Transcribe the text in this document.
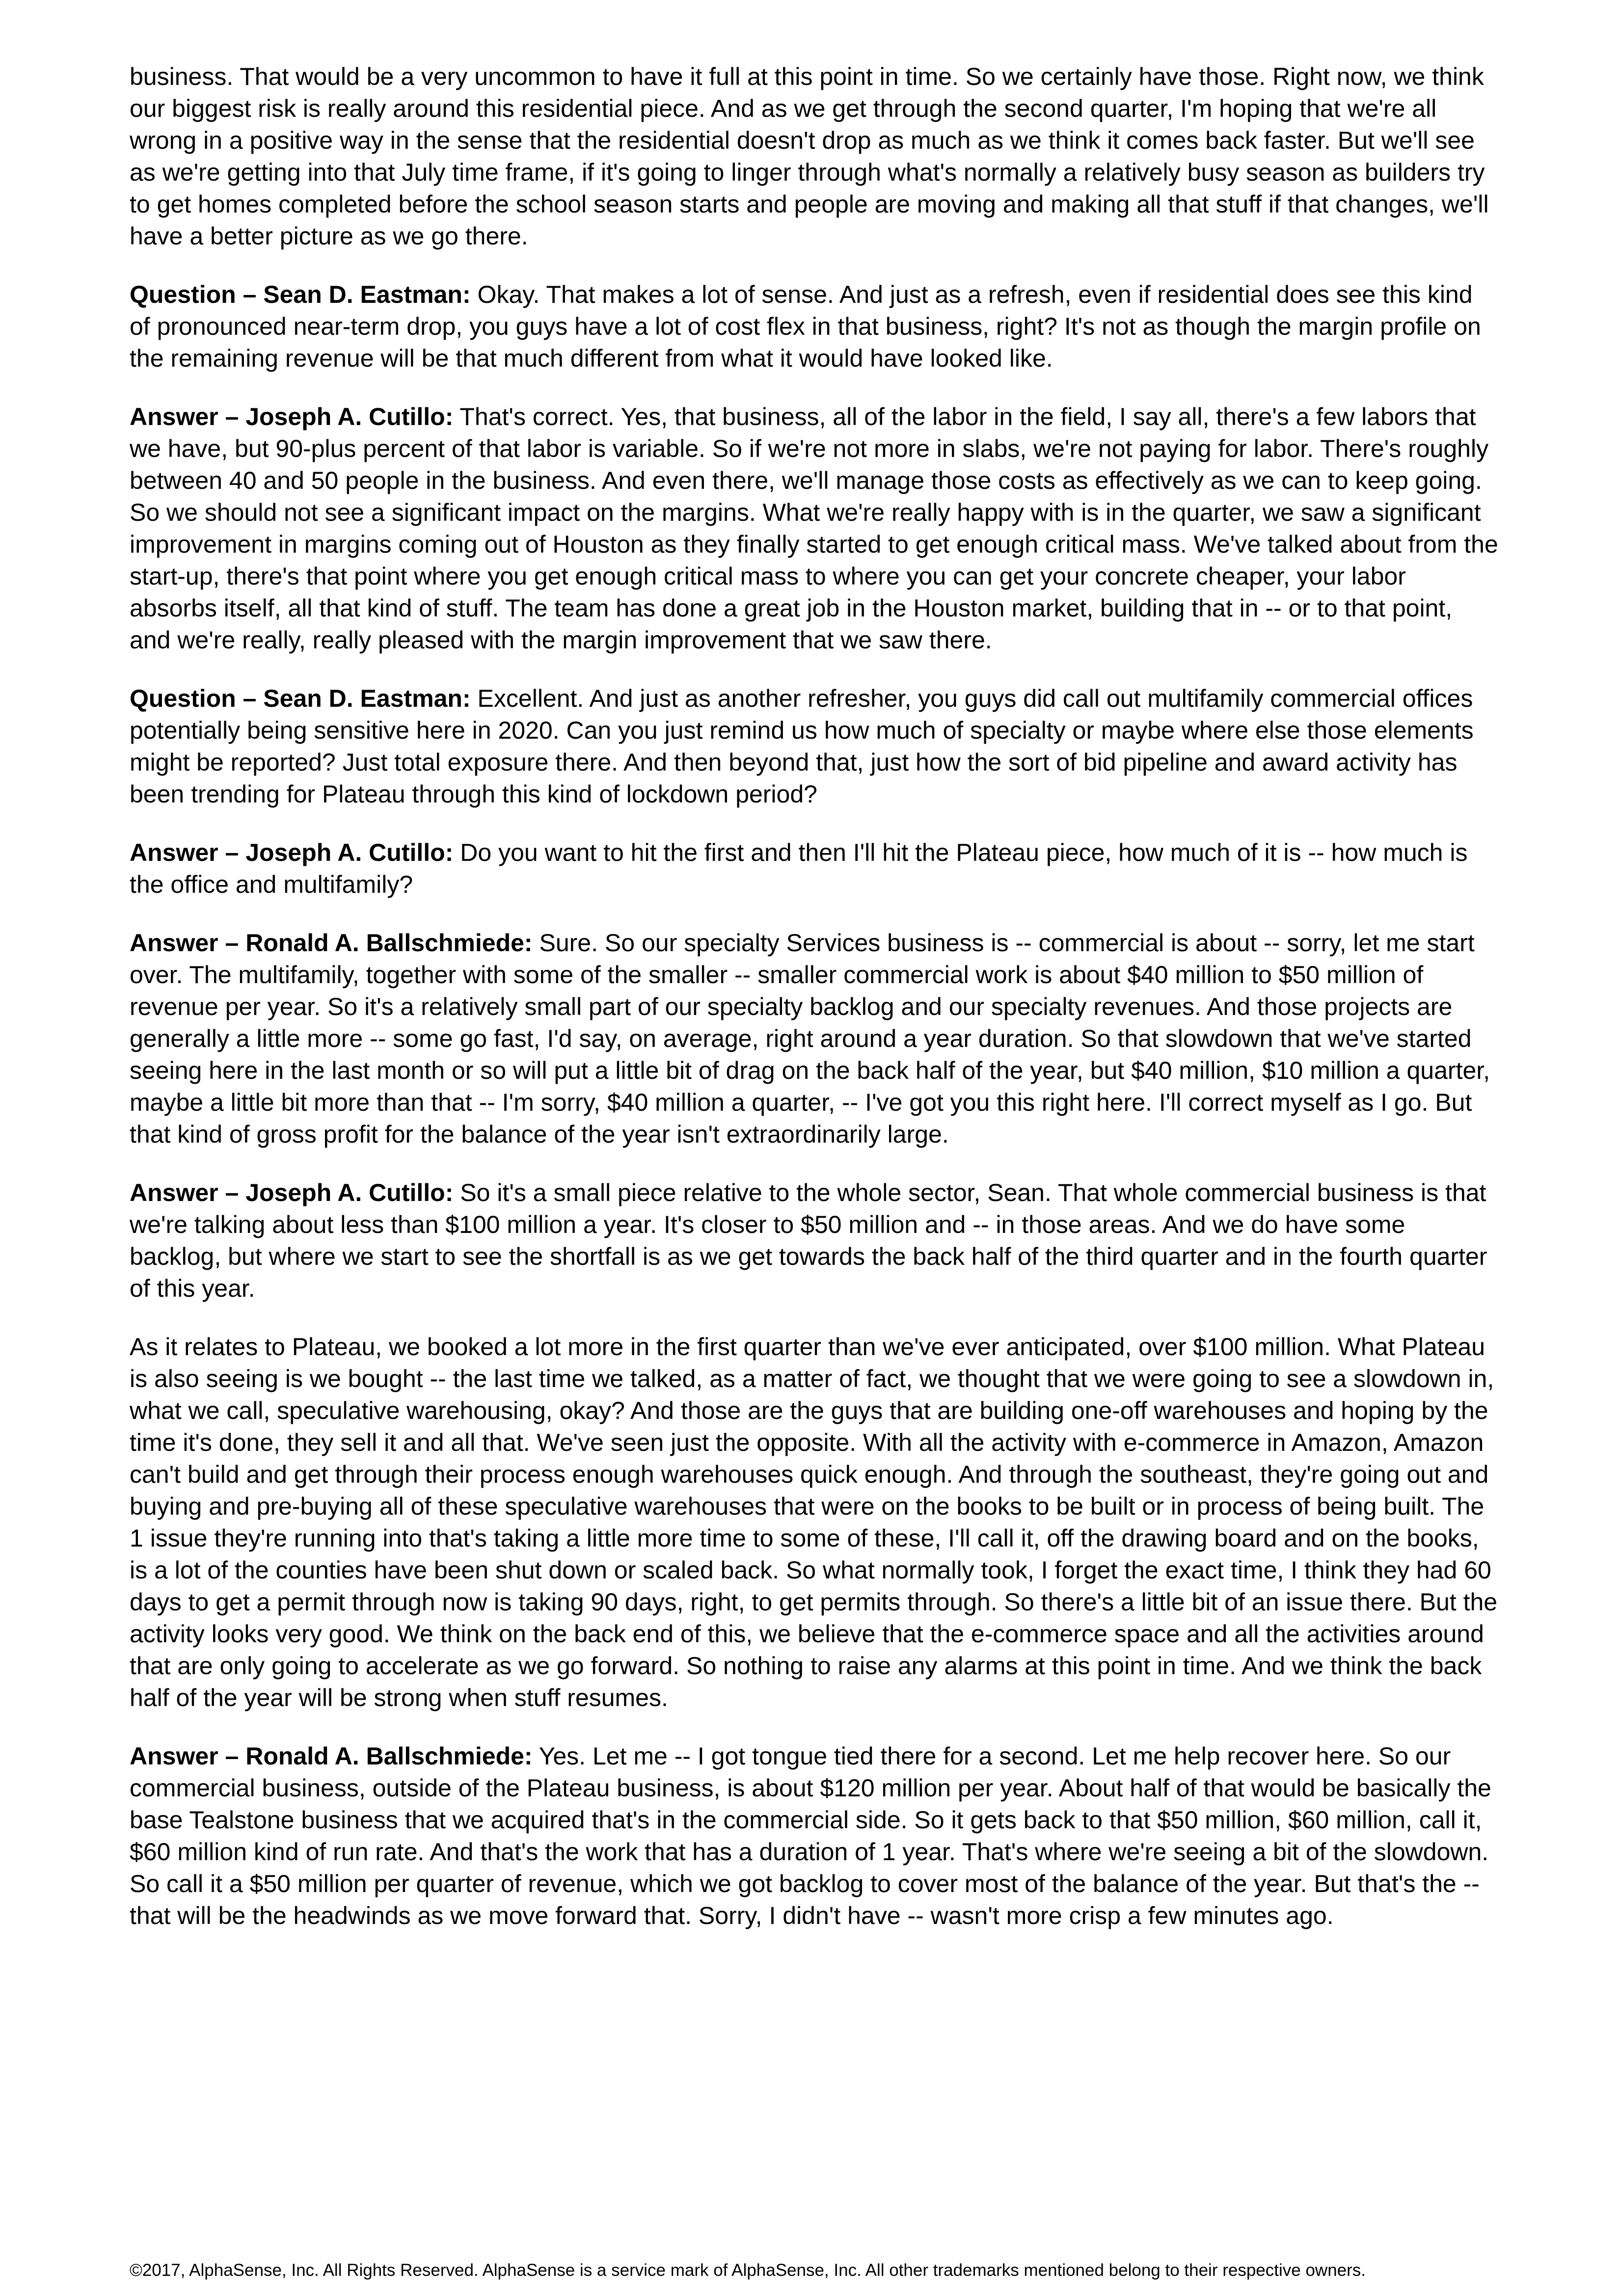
business. That would be a very uncommon to have it full at this point in time. So we certainly have those. Right now, we think our biggest risk is really around this residential piece. And as we get through the second quarter, I'm hoping that we're all wrong in a positive way in the sense that the residential doesn't drop as much as we think it comes back faster. But we'll see as we're getting into that July time frame, if it's going to linger through what's normally a relatively busy season as builders try to get homes completed before the school season starts and people are moving and making all that stuff if that changes, we'll have a better picture as we go there.

Question – Sean D. Eastman: Okay. That makes a lot of sense. And just as a refresh, even if residential does see this kind of pronounced near-term drop, you guys have a lot of cost flex in that business, right? It's not as though the margin profile on the remaining revenue will be that much different from what it would have looked like.

Answer – Joseph A. Cutillo: That's correct. Yes, that business, all of the labor in the field, I say all, there's a few labors that we have, but 90-plus percent of that labor is variable. So if we're not more in slabs, we're not paying for labor. There's roughly between 40 and 50 people in the business. And even there, we'll manage those costs as effectively as we can to keep going. So we should not see a significant impact on the margins. What we're really happy with is in the quarter, we saw a significant improvement in margins coming out of Houston as they finally started to get enough critical mass. We've talked about from the start-up, there's that point where you get enough critical mass to where you can get your concrete cheaper, your labor absorbs itself, all that kind of stuff. The team has done a great job in the Houston market, building that in -- or to that point, and we're really, really pleased with the margin improvement that we saw there.

Question – Sean D. Eastman: Excellent. And just as another refresher, you guys did call out multifamily commercial offices potentially being sensitive here in 2020. Can you just remind us how much of specialty or maybe where else those elements might be reported? Just total exposure there. And then beyond that, just how the sort of bid pipeline and award activity has been trending for Plateau through this kind of lockdown period?

Answer – Joseph A. Cutillo: Do you want to hit the first and then I'll hit the Plateau piece, how much of it is -- how much is the office and multifamily?

Answer – Ronald A. Ballschmiede: Sure. So our specialty Services business is -- commercial is about -- sorry, let me start over. The multifamily, together with some of the smaller -- smaller commercial work is about $40 million to $50 million of revenue per year. So it's a relatively small part of our specialty backlog and our specialty revenues. And those projects are generally a little more -- some go fast, I'd say, on average, right around a year duration. So that slowdown that we've started seeing here in the last month or so will put a little bit of drag on the back half of the year, but $40 million, $10 million a quarter, maybe a little bit more than that -- I'm sorry, $40 million a quarter, -- I've got you this right here. I'll correct myself as I go. But that kind of gross profit for the balance of the year isn't extraordinarily large.

Answer – Joseph A. Cutillo: So it's a small piece relative to the whole sector, Sean. That whole commercial business is that we're talking about less than $100 million a year. It's closer to $50 million and -- in those areas. And we do have some backlog, but where we start to see the shortfall is as we get towards the back half of the third quarter and in the fourth quarter of this year.

As it relates to Plateau, we booked a lot more in the first quarter than we've ever anticipated, over $100 million. What Plateau is also seeing is we bought -- the last time we talked, as a matter of fact, we thought that we were going to see a slowdown in, what we call, speculative warehousing, okay? And those are the guys that are building one-off warehouses and hoping by the time it's done, they sell it and all that. We've seen just the opposite. With all the activity with e-commerce in Amazon, Amazon can't build and get through their process enough warehouses quick enough. And through the southeast, they're going out and buying and pre-buying all of these speculative warehouses that were on the books to be built or in process of being built. The 1 issue they're running into that's taking a little more time to some of these, I'll call it, off the drawing board and on the books, is a lot of the counties have been shut down or scaled back. So what normally took, I forget the exact time, I think they had 60 days to get a permit through now is taking 90 days, right, to get permits through. So there's a little bit of an issue there. But the activity looks very good. We think on the back end of this, we believe that the e-commerce space and all the activities around that are only going to accelerate as we go forward. So nothing to raise any alarms at this point in time. And we think the back half of the year will be strong when stuff resumes.

Answer – Ronald A. Ballschmiede: Yes. Let me -- I got tongue tied there for a second. Let me help recover here. So our commercial business, outside of the Plateau business, is about $120 million per year. About half of that would be basically the base Tealstone business that we acquired that's in the commercial side. So it gets back to that $50 million, $60 million, call it, $60 million kind of run rate. And that's the work that has a duration of 1 year. That's where we're seeing a bit of the slowdown. So call it a $50 million per quarter of revenue, which we got backlog to cover most of the balance of the year. But that's the -- that will be the headwinds as we move forward that. Sorry, I didn't have -- wasn't more crisp a few minutes ago.

©2017, AlphaSense, Inc. All Rights Reserved. AlphaSense is a service mark of AlphaSense, Inc. All other trademarks mentioned belong to their respective owners.
